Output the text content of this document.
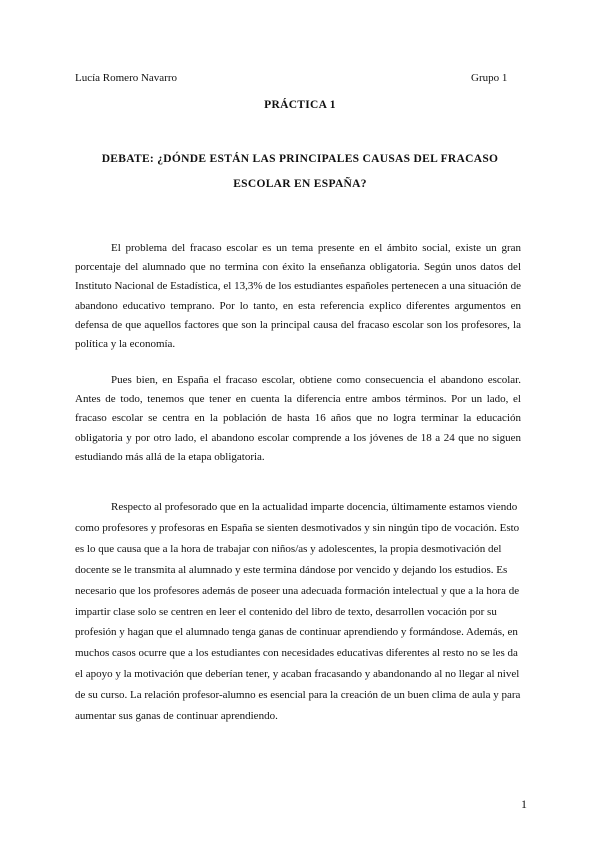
Lucía Romero Navarro	Grupo 1
PRÁCTICA 1
DEBATE: ¿DÓNDE ESTÁN LAS PRINCIPALES CAUSAS DEL FRACASO
ESCOLAR EN ESPAÑA?

El problema del fracaso escolar es un tema presente en el ámbito social, existe un gran porcentaje del alumnado que no termina con éxito la enseñanza obligatoria. Según unos datos del Instituto Nacional de Estadística, el 13,3% de los estudiantes españoles pertenecen a una situación de abandono educativo temprano. Por lo tanto, en esta referencia explico diferentes argumentos en defensa de que aquellos factores que son la principal causa del fracaso escolar son los profesores, la política y la economía.

Pues bien, en España el fracaso escolar, obtiene como consecuencia el abandono escolar. Antes de todo, tenemos que tener en cuenta la diferencia entre ambos términos. Por un lado, el fracaso escolar se centra en la población de hasta 16 años que no logra terminar la educación obligatoria y por otro lado, el abandono escolar comprende a los jóvenes de 18 a 24 que no siguen estudiando más allá de la etapa obligatoria.

Respecto al profesorado que en la actualidad imparte docencia, últimamente estamos viendo como profesores y profesoras en España se sienten desmotivados y sin ningún tipo de vocación. Esto es lo que causa que a la hora de trabajar con niños/as y adolescentes, la propia desmotivación del docente se le transmita al alumnado y este termina dándose por vencido y dejando los estudios. Es necesario que los profesores además de poseer una adecuada formación intelectual y que a la hora de impartir clase solo se centren en leer el contenido del libro de texto, desarrollen vocación por su profesión y hagan que el alumnado tenga ganas de continuar aprendiendo y formándose. Además, en muchos casos ocurre que a los estudiantes con necesidades educativas diferentes al resto no se les da el apoyo y la motivación que deberían tener, y acaban fracasando y abandonando al no llegar al nivel de su curso. La relación profesor-alumno es esencial para la creación de un buen clima de aula y para aumentar sus ganas de continuar aprendiendo.

1
